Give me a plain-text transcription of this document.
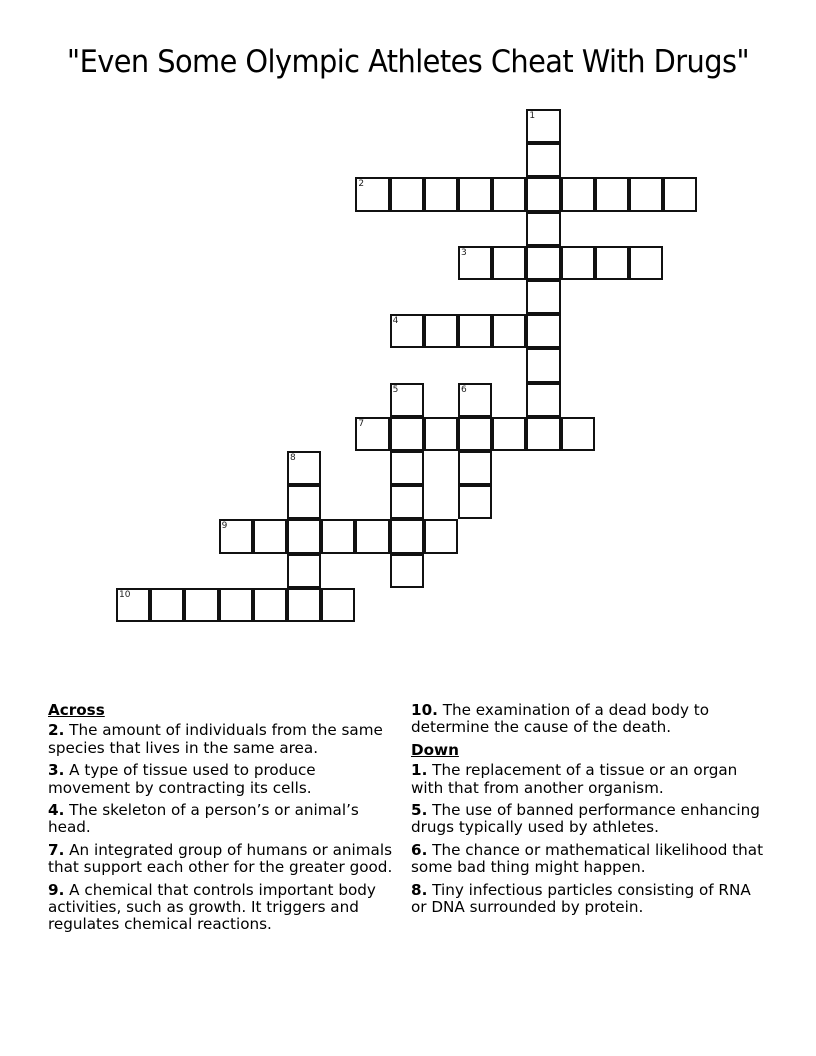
"Even Some Olympic Athletes Cheat With Drugs"
1
2
3
4
5	6
7
8
9
10
Across
2. The amount of individuals from the same species that lives in the same area.
3. A type of tissue used to produce movement by contracting its cells.
4. The skeleton of a person’s or animal’s head.
7. An integrated group of humans or animals that support each other for the greater good.
9. A chemical that controls important body activities, such as growth. It triggers and regulates chemical reactions.
10. The examination of a dead body to determine the cause of the death.
Down
1. The replacement of a tissue or an organ with that from another organism.
5. The use of banned performance enhancing drugs typically used by athletes.
6. The chance or mathematical likelihood that some bad thing might happen.
8. Tiny infectious particles consisting of RNA or DNA surrounded by protein.
